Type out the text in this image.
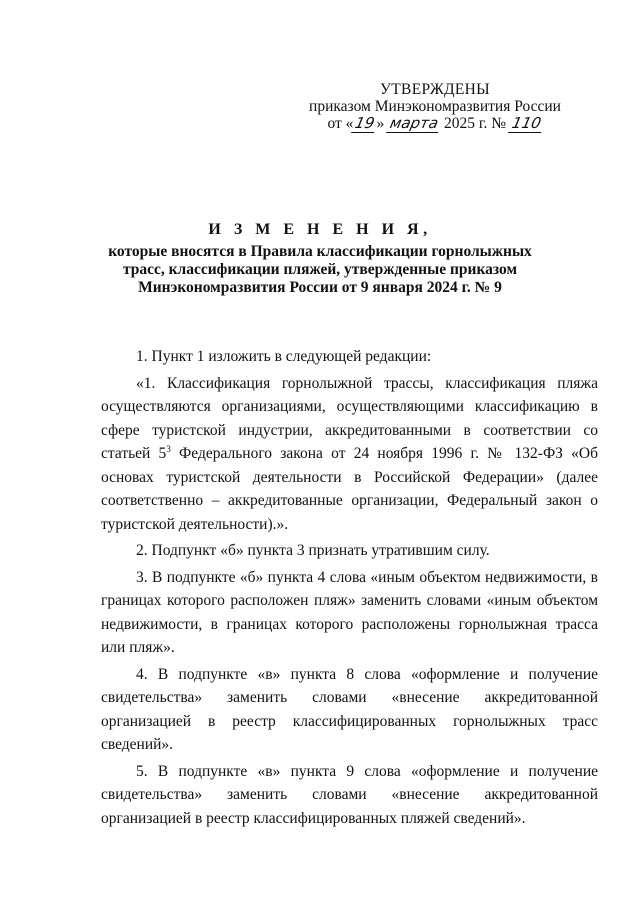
УТВЕРЖДЕНЫ
приказом Минэкономразвития России
от «19» марта 2025 г. № 110
И З М Е Н Е Н И Я,
которые вносятся в Правила классификации горнолыжных трасс, классификации пляжей, утвержденные приказом Минэкономразвития России от 9 января 2024 г. № 9

1. Пункт 1 изложить в следующей редакции:

«1. Классификация горнолыжной трассы, классификация пляжа осуществляются организациями, осуществляющими классификацию в сфере туристской индустрии, аккредитованными в соответствии со статьей $5^3$ Федерального закона от 24 ноября 1996 г. № 132-ФЗ «Об основах туристской деятельности в Российской Федерации» (далее соответственно – аккредитованные организации, Федеральный закон о туристской деятельности).».

2. Подпункт «б» пункта 3 признать утратившим силу.

3. В подпункте «б» пункта 4 слова «иным объектом недвижимости, в границах которого расположен пляж» заменить словами «иным объектом недвижимости, в границах которого расположены горнолыжная трасса или пляж».

4. В подпункте «в» пункта 8 слова «оформление и получение свидетельства» заменить словами «внесение аккредитованной организацией в реестр классифицированных горнолыжных трасс сведений».

5. В подпункте «в» пункта 9 слова «оформление и получение свидетельства» заменить словами «внесение аккредитованной организацией в реестр классифицированных пляжей сведений».
